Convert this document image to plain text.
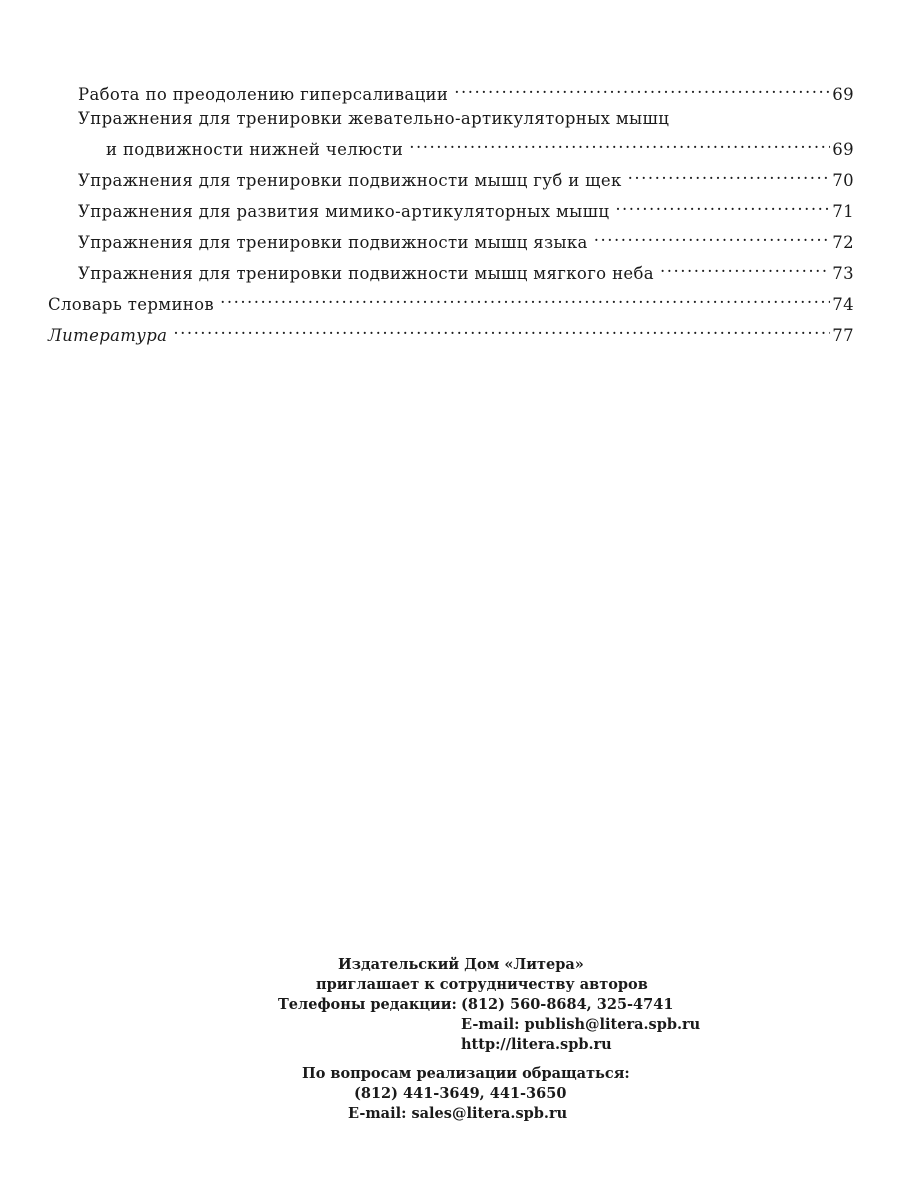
Работа по преодолению гиперсаливации .....	69
Упражнения для тренировки жевательно-артикуляторных мышц
и подвижности нижней челюсти .....	69
Упражнения для тренировки подвижности мышц губ и щек .....	70
Упражнения для развития мимико-артикуляторных мышц .....	71
Упражнения для тренировки подвижности мышц языка .....	72
Упражнения для тренировки подвижности мышц мягкого неба .....	73
Словарь терминов .....	74
Литература .....	77
Издательский Дом «Литера»
приглашает к сотрудничеству авторов
Телефоны редакции: (812) 560-8684, 325-4741
E-mail: publish@litera.spb.ru
http://litera.spb.ru
По вопросам реализации обращаться:
(812) 441-3649, 441-3650
E-mail: sales@litera.spb.ru
